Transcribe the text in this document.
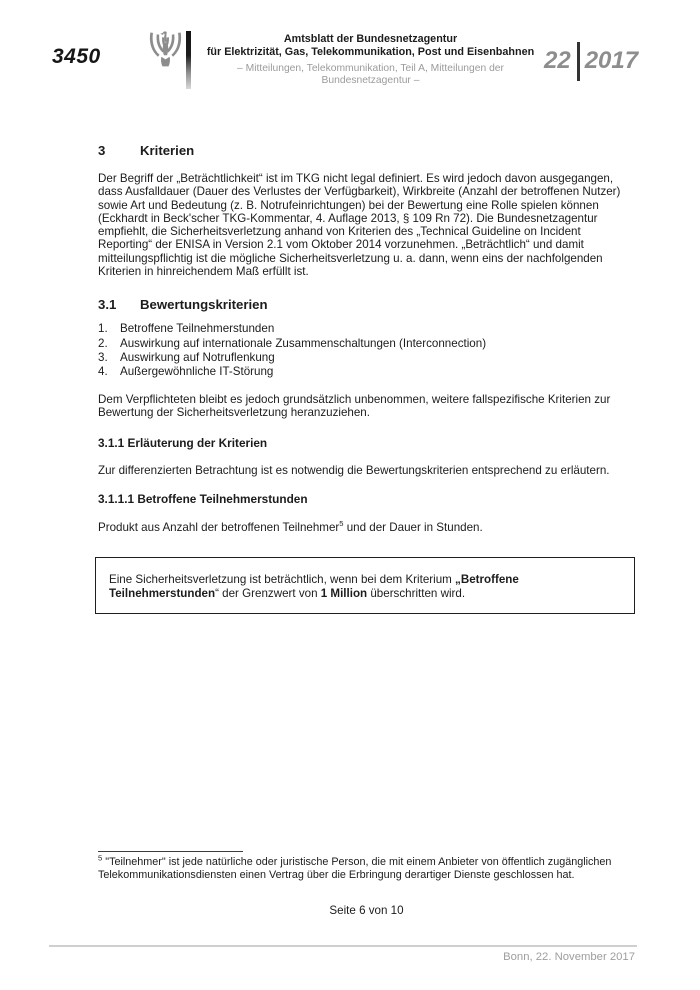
3450
Amtsblatt der Bundesnetzagentur
für Elektrizität, Gas, Telekommunikation, Post und Eisenbahnen
– Mitteilungen, Telekommunikation, Teil A, Mitteilungen der Bundesnetzagentur –
22 2017
3	Kriterien

Der Begriff der „Beträchtlichkeit“ ist im TKG nicht legal definiert. Es wird jedoch davon ausgegangen, dass Ausfalldauer (Dauer des Verlustes der Verfügbarkeit), Wirkbreite (Anzahl der betroffenen Nutzer) sowie Art und Bedeutung (z. B. Notrufeinrichtungen) bei der Bewertung eine Rolle spielen können (Eckhardt in Beck'scher TKG-Kommentar, 4. Auflage 2013, § 109 Rn 72). Die Bundesnetzagentur empfiehlt, die Sicherheitsverletzung anhand von Kriterien des „Technical Guideline on Incident Reporting“ der ENISA in Version 2.1 vom Oktober 2014 vorzunehmen. „Beträchtlich“ und damit mitteilungspflichtig ist die mögliche Sicherheitsverletzung u. a. dann, wenn eins der nachfolgenden Kriterien in hinreichendem Maß erfüllt ist.

3.1 Bewertungskriterien
1.	Betroffene Teilnehmerstunden
2.	Auswirkung auf internationale Zusammenschaltungen (Interconnection)
3.	Auswirkung auf Notruflenkung
4.	Außergewöhnliche IT-Störung

Dem Verpflichteten bleibt es jedoch grundsätzlich unbenommen, weitere fallspezifische Kriterien zur Bewertung der Sicherheitsverletzung heranzuziehen.

3.1.1 Erläuterung der Kriterien

Zur differenzierten Betrachtung ist es notwendig die Bewertungskriterien entsprechend zu erläutern.

3.1.1.1 Betroffene Teilnehmerstunden

Produkt aus Anzahl der betroffenen Teilnehmer$^5$ und der Dauer in Stunden.

Eine Sicherheitsverletzung ist beträchtlich, wenn bei dem Kriterium „Betroffene Teilnehmerstunden“ der Grenzwert von 1 Million überschritten wird.
$^5$ "Teilnehmer" ist jede natürliche oder juristische Person, die mit einem Anbieter von öffentlich zugänglichen Telekommunikationsdiensten einen Vertrag über die Erbringung derartiger Dienste geschlossen hat.
Seite 6 von 10
Bonn, 22. November 2017
